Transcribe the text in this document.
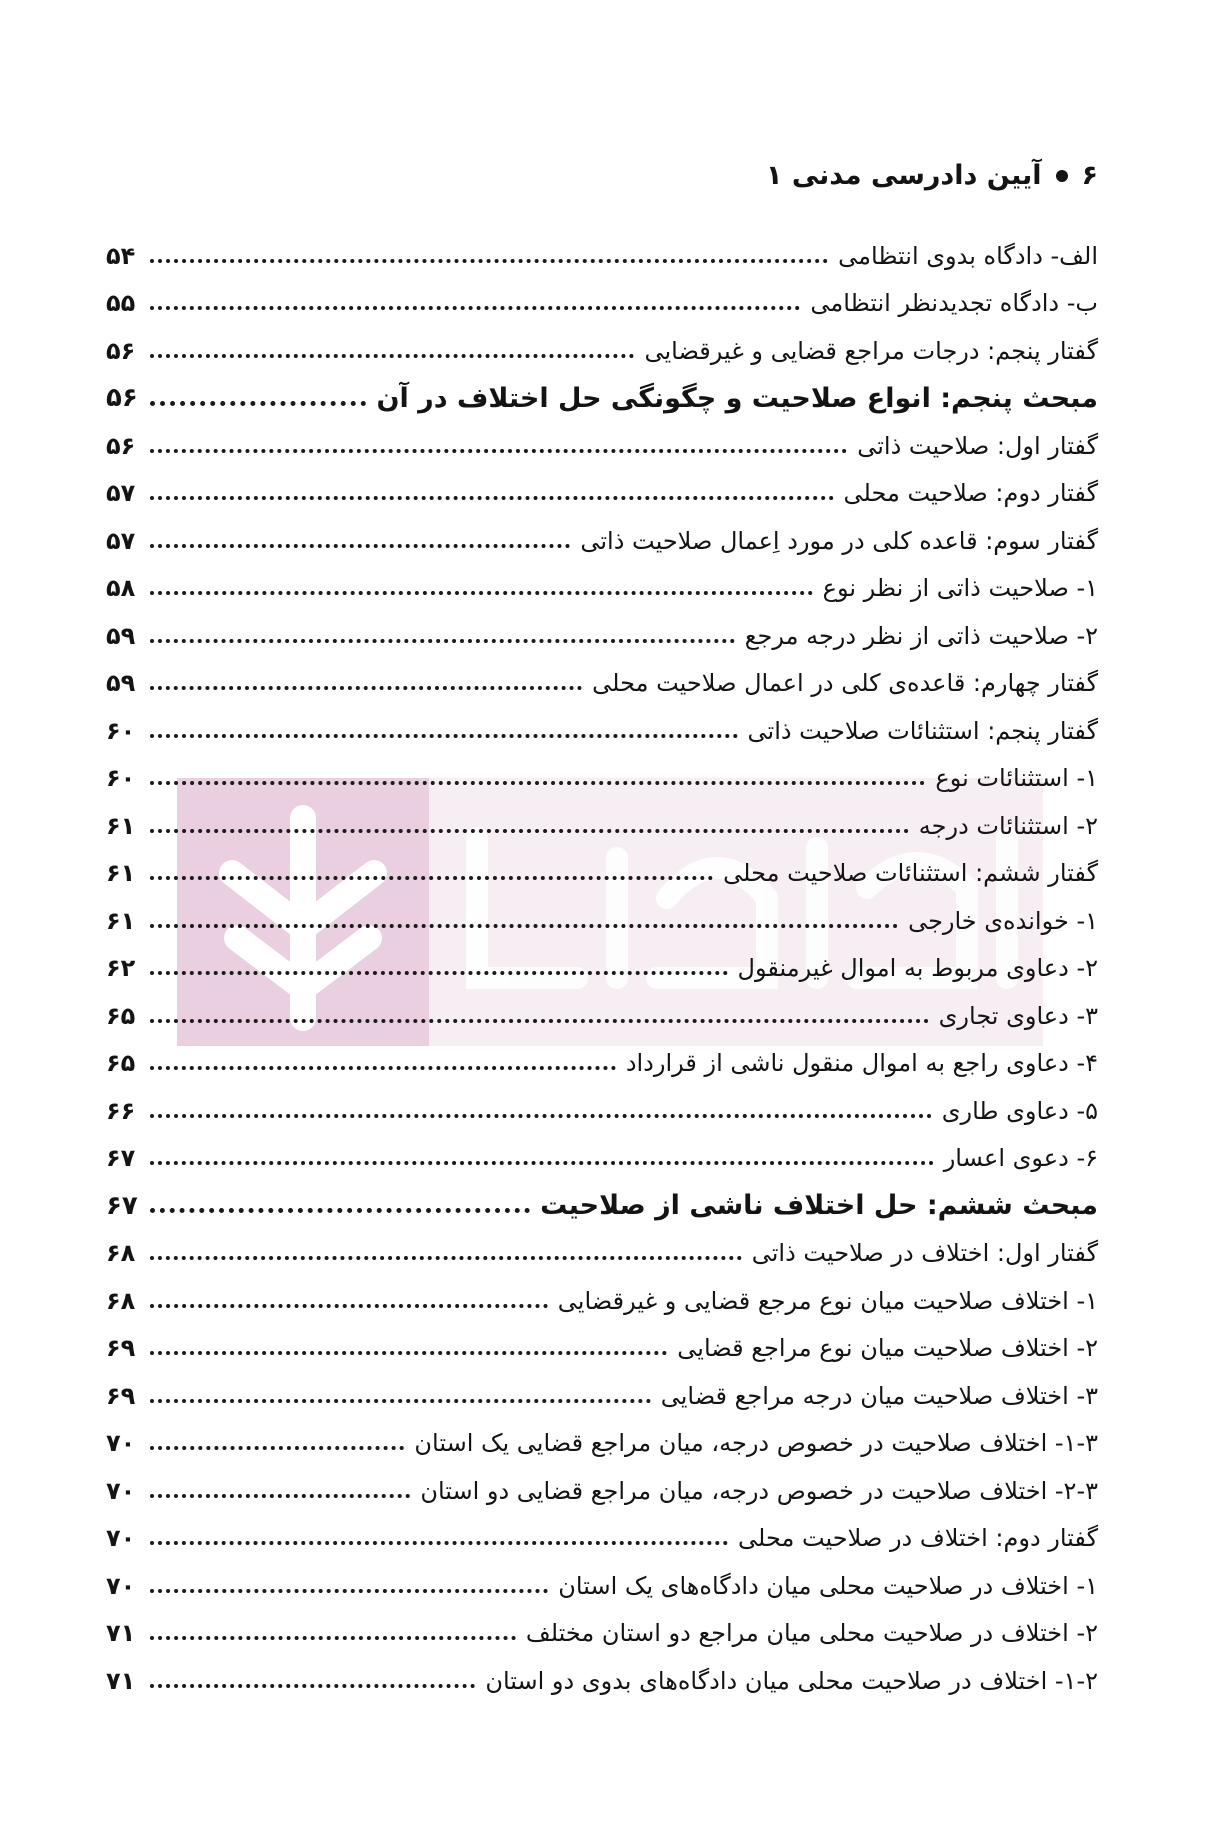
۶
آیین دادرسی مدنی ۱
الف- دادگاه بدوی انتظامی
۵۴
ب- دادگاه تجدیدنظر انتظامی
۵۵
گفتار پنجم: درجات مراجع قضایی و غیرقضایی
۵۶
مبحث پنجم: انواع صلاحیت و چگونگی حل اختلاف در آن
۵۶
گفتار اول: صلاحیت ذاتی
۵۶
گفتار دوم: صلاحیت محلی
۵۷
گفتار سوم: قاعده کلی در مورد اِعمال صلاحیت ذاتی
۵۷
۱- صلاحیت ذاتی از نظر نوع
۵۸
۲- صلاحیت ذاتی از نظر درجه مرجع
۵۹
گفتار چهارم: قاعده‌ی کلی در اعمال صلاحیت محلی
۵۹
گفتار پنجم: استثنائات صلاحیت ذاتی
۶۰
۱- استثنائات نوع
۶۰
۲- استثنائات درجه
۶۱
گفتار ششم: استثنائات صلاحیت محلی
۶۱
۱- خوانده‌ی خارجی
۶۱
۲- دعاوی مربوط به اموال غیرمنقول
۶۲
۳- دعاوی تجاری
۶۵
۴- دعاوی راجع به اموال منقول ناشی از قرارداد
۶۵
۵- دعاوی طاری
۶۶
۶- دعوی اعسار
۶۷
مبحث ششم: حل اختلاف ناشی از صلاحیت
۶۷
گفتار اول: اختلاف در صلاحیت ذاتی
۶۸
۱- اختلاف صلاحیت میان نوع مرجع قضایی و غیرقضایی
۶۸
۲- اختلاف صلاحیت میان نوع مراجع قضایی
۶۹
۳- اختلاف صلاحیت میان درجه مراجع قضایی
۶۹
۱-۳- اختلاف صلاحیت در خصوص درجه، میان مراجع قضایی یک استان
۷۰
۲-۳- اختلاف صلاحیت در خصوص درجه، میان مراجع قضایی دو استان
۷۰
گفتار دوم: اختلاف در صلاحیت محلی
۷۰
۱- اختلاف در صلاحیت محلی میان دادگاه‌های یک استان
۷۰
۲- اختلاف در صلاحیت محلی میان مراجع دو استان مختلف
۷۱
۱-۲- اختلاف در صلاحیت محلی میان دادگاه‌های بدوی دو استان
۷۱
